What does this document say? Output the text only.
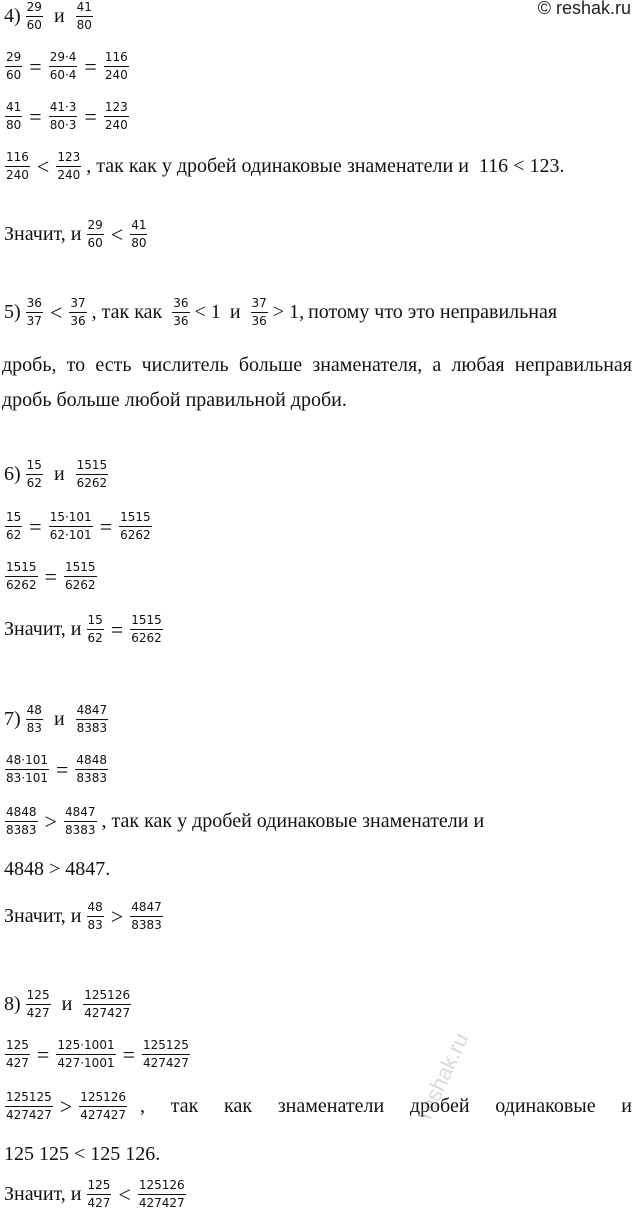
© reshak.ru
4) 29
60 и 41
80
29
60 = 29·4
60·4 = 116
240
41
80 = 41·3
80·3 = 123
240
116
240 < 123
240 , так как у дробей одинаковые знаменатели и 116 < 123.
Значит, и 29
60 < 41
80
5) 36
37 < 37
36 , так как 36
36 < 1 и 37
36 > 1, потому что это неправильная
дробь, то есть числитель больше знаменателя, а любая неправильная дробь больше любой правильной дроби.
6) 15
62 и 1515
6262
15
62 = 15·101
62·101 = 1515
6262
1515
6262 = 1515
6262
Значит, и 15
62 = 1515
6262
7) 48
83 и 4847
8383
48·101
83·101 = 4848
8383
4848
8383 > 4847
8383 , так как у дробей одинаковые знаменатели и
4848 > 4847.
Значит, и 48
83 > 4847
8383
8) 125
427 и 125126
427427
125
427 = 125·1001
427·1001 = 125125
427427
125125
427427 > 125126
427427 , так как знаменатели дробей одинаковые и
125 125 < 125 126.
Значит, и 125
427 < 125126
427427
reshak.ru
